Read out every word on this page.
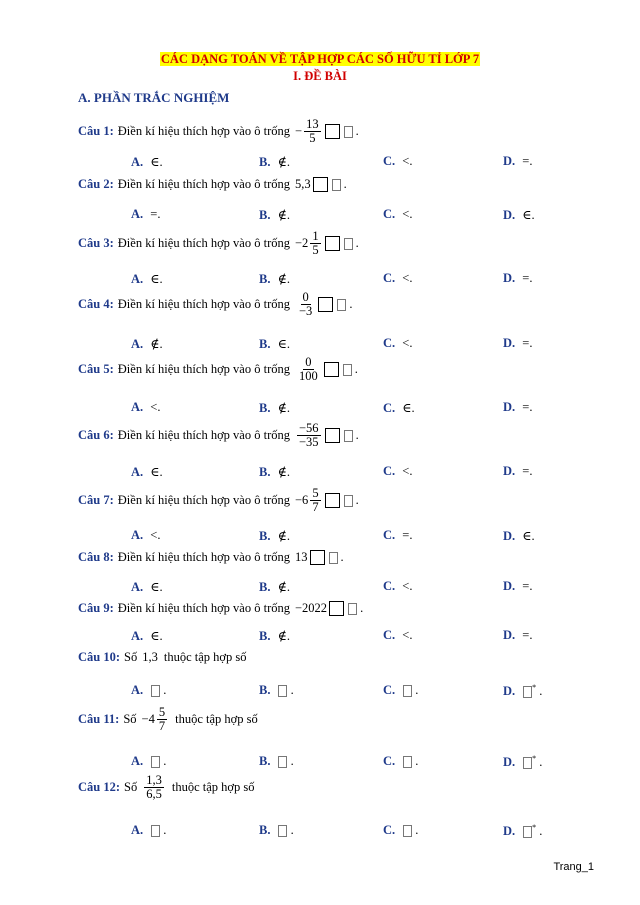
CÁC DẠNG TOÁN VỀ TẬP HỢP CÁC SỐ HỮU TỈ LỚP 7
I. ĐỀ BÀI
A. PHẦN TRẮC NGHIỆM
Câu 1: Điền kí hiệu thích hợp vào ô trống − $\frac{13}{5}$	.
A. ∈.	B. ∉.	C. <.	D. =.
Câu 2: Điền kí hiệu thích hợp vào ô trống 5,3	.
A. =.	B. ∉.	C. <.	D. ∈.
Câu 3: Điền kí hiệu thích hợp vào ô trống $-2 \frac{1}{5}$	.
A. ∈.	B. ∉.	C. <.	D. =.
Câu 4: Điền kí hiệu thích hợp vào ô trống $\frac{0}{-3}$	.
A. ∉.	B. ∈.	C. <.	D. =.
Câu 5: Điền kí hiệu thích hợp vào ô trống $\frac{0}{100}$	.
A. <.	B. ∉.	C. ∈.	D. =.
Câu 6: Điền kí hiệu thích hợp vào ô trống $\frac{-56}{-35}$	.
A. ∈.	B. ∉.	C. <.	D. =.
Câu 7: Điền kí hiệu thích hợp vào ô trống $-6 \frac{5}{7}$	.
A. <.	B. ∉.	C. =.	D. ∈.
Câu 8: Điền kí hiệu thích hợp vào ô trống 13	.
A. ∈.	B. ∉.	C. <.	D. =.
Câu 9: Điền kí hiệu thích hợp vào ô trống −2022	.
A. ∈.	B. ∉.	C. <.	D. =.
Câu 10: Số 1,3 thuộc tập hợp số
A. .	B. .	C. .	D. * .
Câu 11: Số $-4 \frac{5}{7}$ thuộc tập hợp số
A. .	B. .	C. .	D. * .
Câu 12: Số $\frac{1,3}{6,5}$ thuộc tập hợp số
A. .	B. .	C. .	D. * .
Trang_1
